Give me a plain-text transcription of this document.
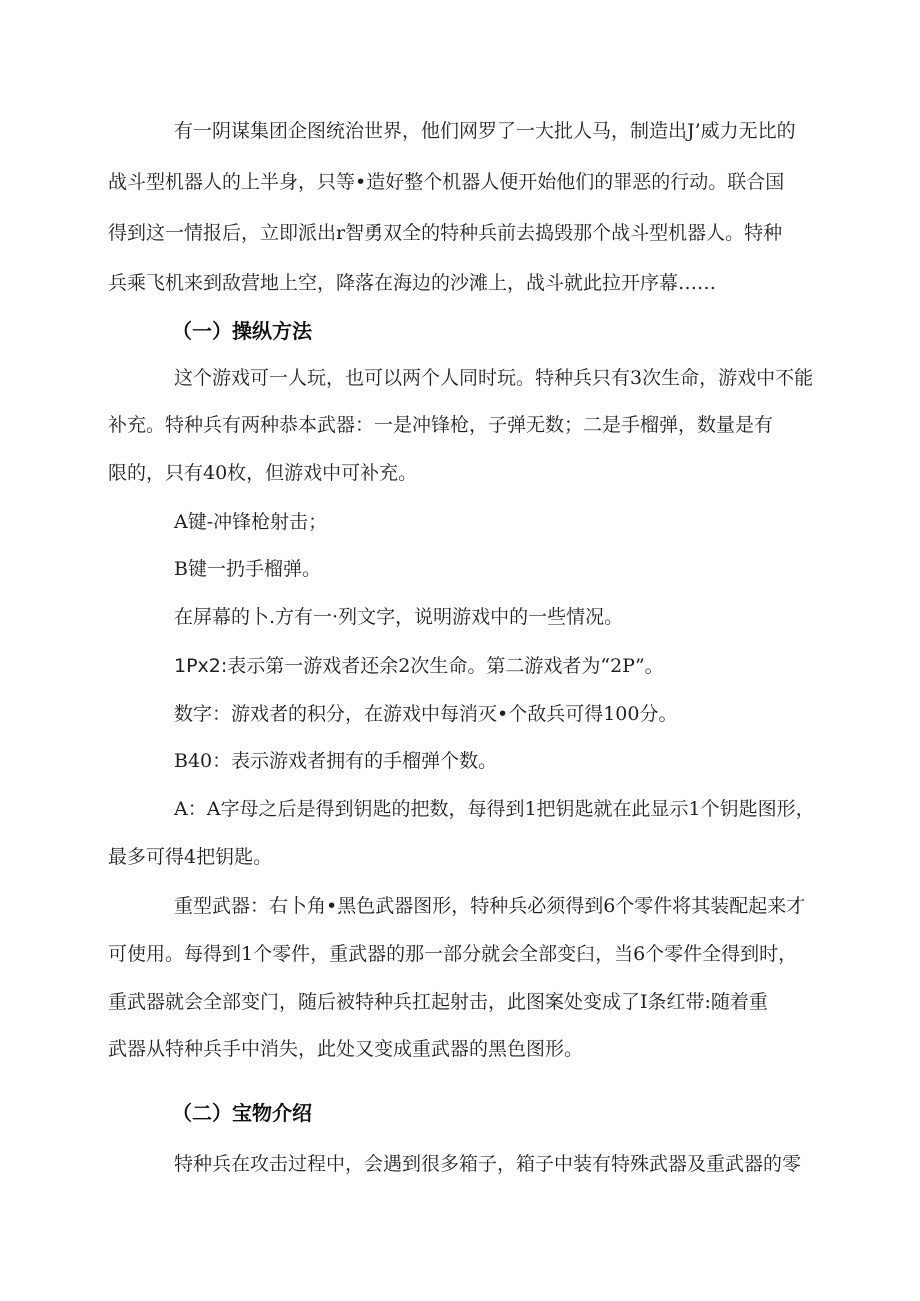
有一阴谋集团企图统治世界，他们网罗了一大批人马，制造出J’威力无比的
战斗型机器人的上半身，只等•造好整个机器人便开始他们的罪恶的行动。联合国
得到这一情报后，立即派出r智勇双全的特种兵前去捣毁那个战斗型机器人。特种
兵乘飞机来到敌营地上空，降落在海边的沙滩上，战斗就此拉开序幕……
（一）操纵方法
这个游戏可一人玩，也可以两个人同时玩。特种兵只有3次生命，游戏中不能
补充。特种兵有两种恭本武器：一是冲锋枪，子弹无数；二是手榴弹，数量是有
限的，只有40枚，但游戏中可补充。
A键-冲锋枪射击；
B键一扔手榴弹。
在屏幕的卜.方有一·列文字，说明游戏中的一些情况。
1Px2:表示第一游戏者还余2次生命。第二游戏者为“2P”。
数字：游戏者的积分，在游戏中每消灭•个敌兵可得100分。
B40：表示游戏者拥有的手榴弹个数。
A：A字母之后是得到钥匙的把数，每得到1把钥匙就在此显示1个钥匙图形，
最多可得4把钥匙。
重型武器：右卜角•黑色武器图形，特种兵必须得到6个零件将其装配起来才
可使用。每得到1个零件，重武器的那一部分就会全部变臼，当6个零件全得到时，
重武器就会全部变门，随后被特种兵扛起射击，此图案处变成了I条红带:随着重
武器从特种兵手中消失，此处又变成重武器的黑色图形。
（二）宝物介绍
特种兵在攻击过程中，会遇到很多箱子，箱子中装有特殊武器及重武器的零
